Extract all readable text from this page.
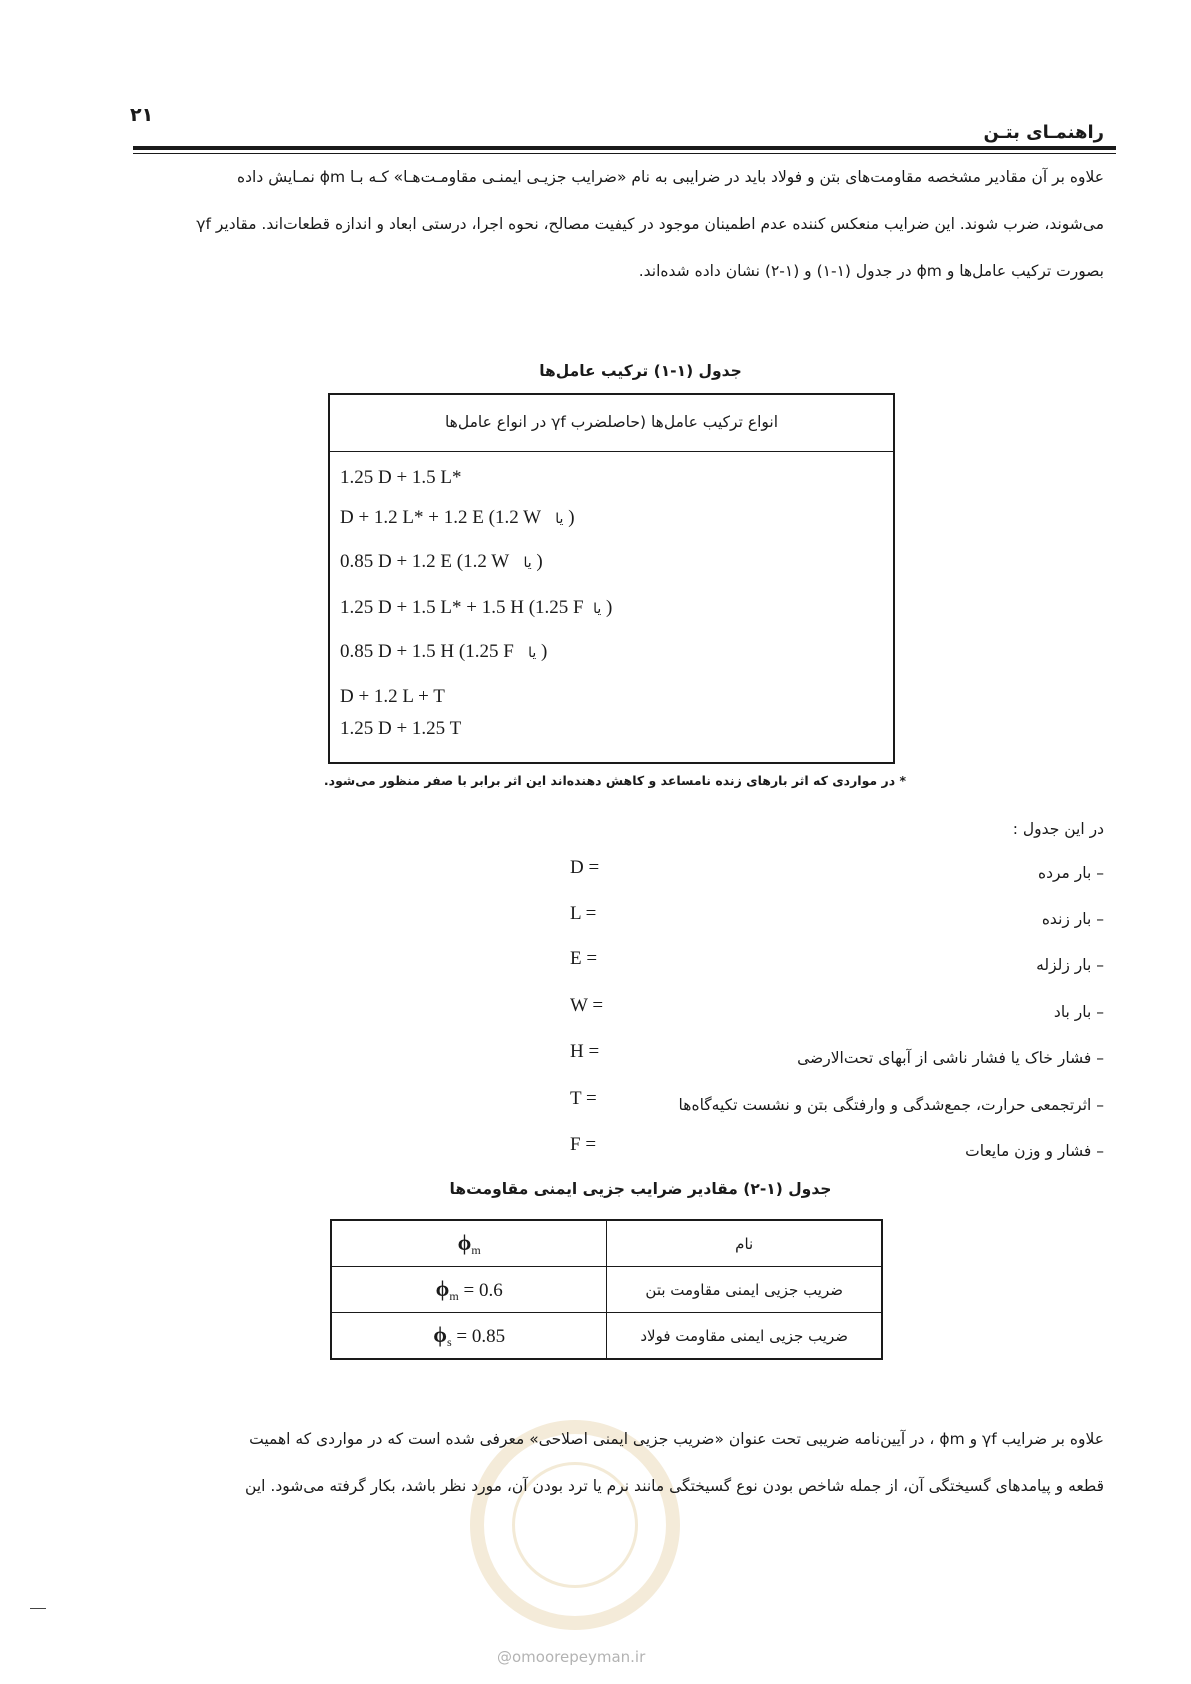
۲۱
راهنمـای بتـن
علاوه بر آن مقادیر مشخصه مقاومت‌های بتن و فولاد باید در ضرایبی به نام «ضرایب جزیـی ایمنـی مقاومـت‌هـا» کـه بـا ϕm نمـایش داده
می‌شوند، ضرب شوند. این ضرایب منعکس کننده عدم اطمینان موجود در کیفیت مصالح، نحوه اجرا، درستی ابعاد و اندازه قطعات‌اند. مقادیر γf
بصورت ترکیب عامل‌ها و ϕm در جدول (۱-۱) و (۱-۲) نشان داده شده‌اند.
جدول (۱-۱) ترکیب عامل‌ها
انواع ترکیب عامل‌ها (حاصلضرب γf در انواع عامل‌ها
1.25 D + 1.5 L*
D + 1.2 L* + 1.2 E (1.2 W یا )
0.85 D + 1.2 E (1.2 W یا )
1.25 D + 1.5 L* + 1.5 H (1.25 F یا )
0.85 D + 1.5 H (1.25 F یا )
D + 1.2 L + T
1.25 D + 1.25 T
* در مواردی که اثر بارهای زنده نامساعد و کاهش دهنده‌اند این اثر برابر با صفر منظور می‌شود.
در این جدول :
– بار مرده
D =
– بار زنده
L =
– بار زلزله
E =
– بار باد
W =
– فشار خاک یا فشار ناشی از آبهای تحت‌الارضی
H =
– اثرتجمعی حرارت، جمع‌شدگی و وارفتگی بتن و نشست تکیه‌گاه‌ها
T =
– فشار و وزن مایعات
F =
جدول (۱-۲) مقادیر ضرایب جزیی ایمنی مقاومت‌ها
$\phi_m$	نام
$\phi_m = 0.6$	ضریب جزیی ایمنی مقاومت بتن
$\phi_s = 0.85$	ضریب جزیی ایمنی مقاومت فولاد
علاوه بر ضرایب γf و ϕm ، در آیین‌نامه ضریبی تحت عنوان «ضریب جزیی ایمنی اصلاحی» معرفی شده است که در مواردی که اهمیت
قطعه و پیامدهای گسیختگی آن، از جمله شاخص بودن نوع گسیختگی مانند نرم یا ترد بودن آن، مورد نظر باشد، بکار گرفته می‌شود. این
@omoorepeyman.ir
